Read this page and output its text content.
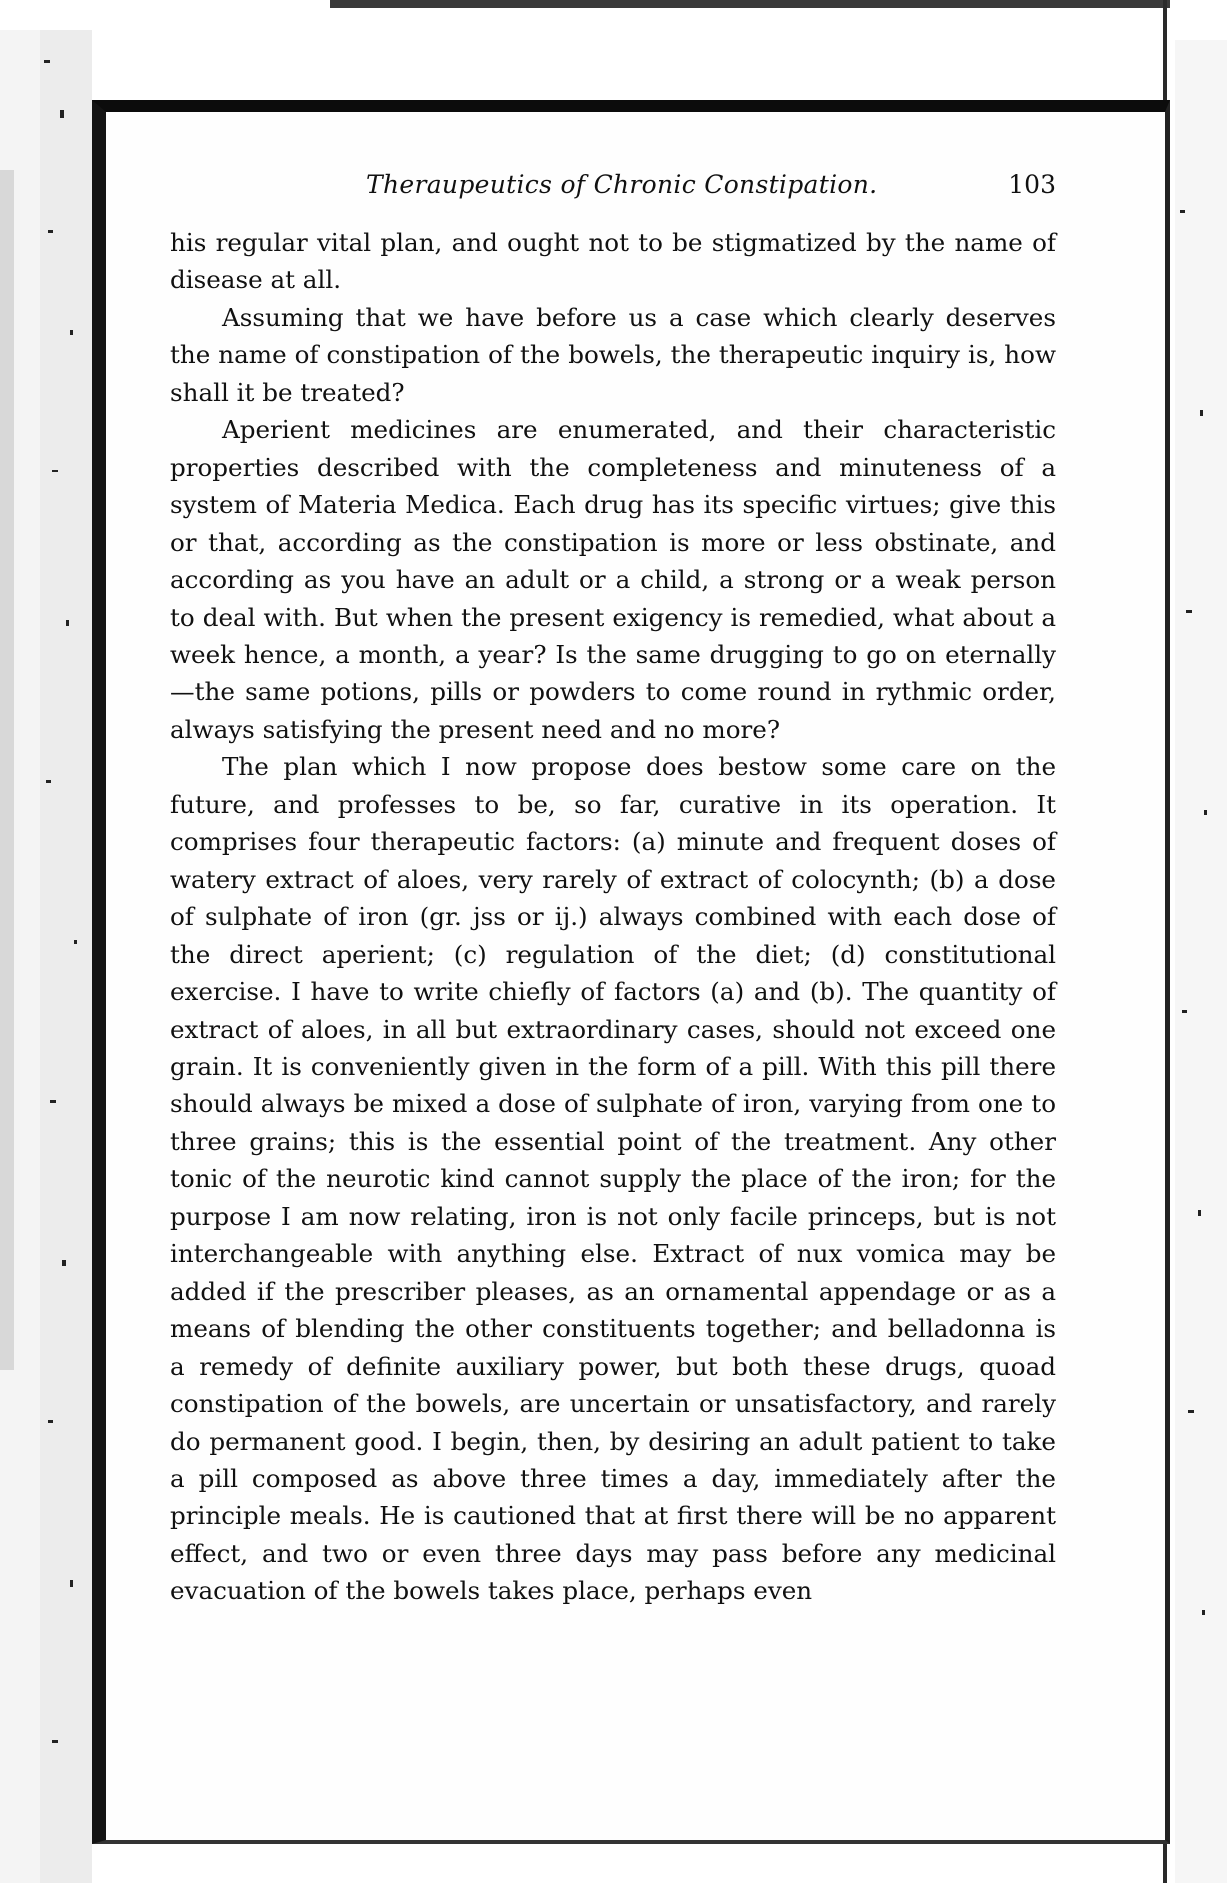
Theraupeutics of Chronic Constipation.	103

his regular vital plan, and ought not to be stigmatized by the name of disease at all.

Assuming that we have before us a case which clearly deserves the name of constipation of the bowels, the therapeutic inquiry is, how shall it be treated?

Aperient medicines are enumerated, and their characteristic properties described with the completeness and minuteness of a system of Materia Medica. Each drug has its specific virtues; give this or that, according as the constipation is more or less obstinate, and according as you have an adult or a child, a strong or a weak person to deal with. But when the present exigency is remedied, what about a week hence, a month, a year? Is the same drugging to go on eternally—the same potions, pills or powders to come round in rythmic order, always satisfying the present need and no more?

The plan which I now propose does bestow some care on the future, and professes to be, so far, curative in its operation. It comprises four therapeutic factors: (a) minute and frequent doses of watery extract of aloes, very rarely of extract of colocynth; (b) a dose of sulphate of iron (gr. jss or ij.) always combined with each dose of the direct aperient; (c) regulation of the diet; (d) constitutional exercise. I have to write chiefly of factors (a) and (b). The quantity of extract of aloes, in all but extraordinary cases, should not exceed one grain. It is conveniently given in the form of a pill. With this pill there should always be mixed a dose of sulphate of iron, varying from one to three grains; this is the essential point of the treatment. Any other tonic of the neurotic kind cannot supply the place of the iron; for the purpose I am now relating, iron is not only facile princeps, but is not interchangeable with anything else. Extract of nux vomica may be added if the prescriber pleases, as an ornamental appendage or as a means of blending the other constituents together; and belladonna is a remedy of definite auxiliary power, but both these drugs, quoad constipation of the bowels, are uncertain or unsatisfactory, and rarely do permanent good. I begin, then, by desiring an adult patient to take a pill composed as above three times a day, immediately after the principle meals. He is cautioned that at first there will be no apparent effect, and two or even three days may pass before any medicinal evacuation of the bowels takes place, perhaps even
